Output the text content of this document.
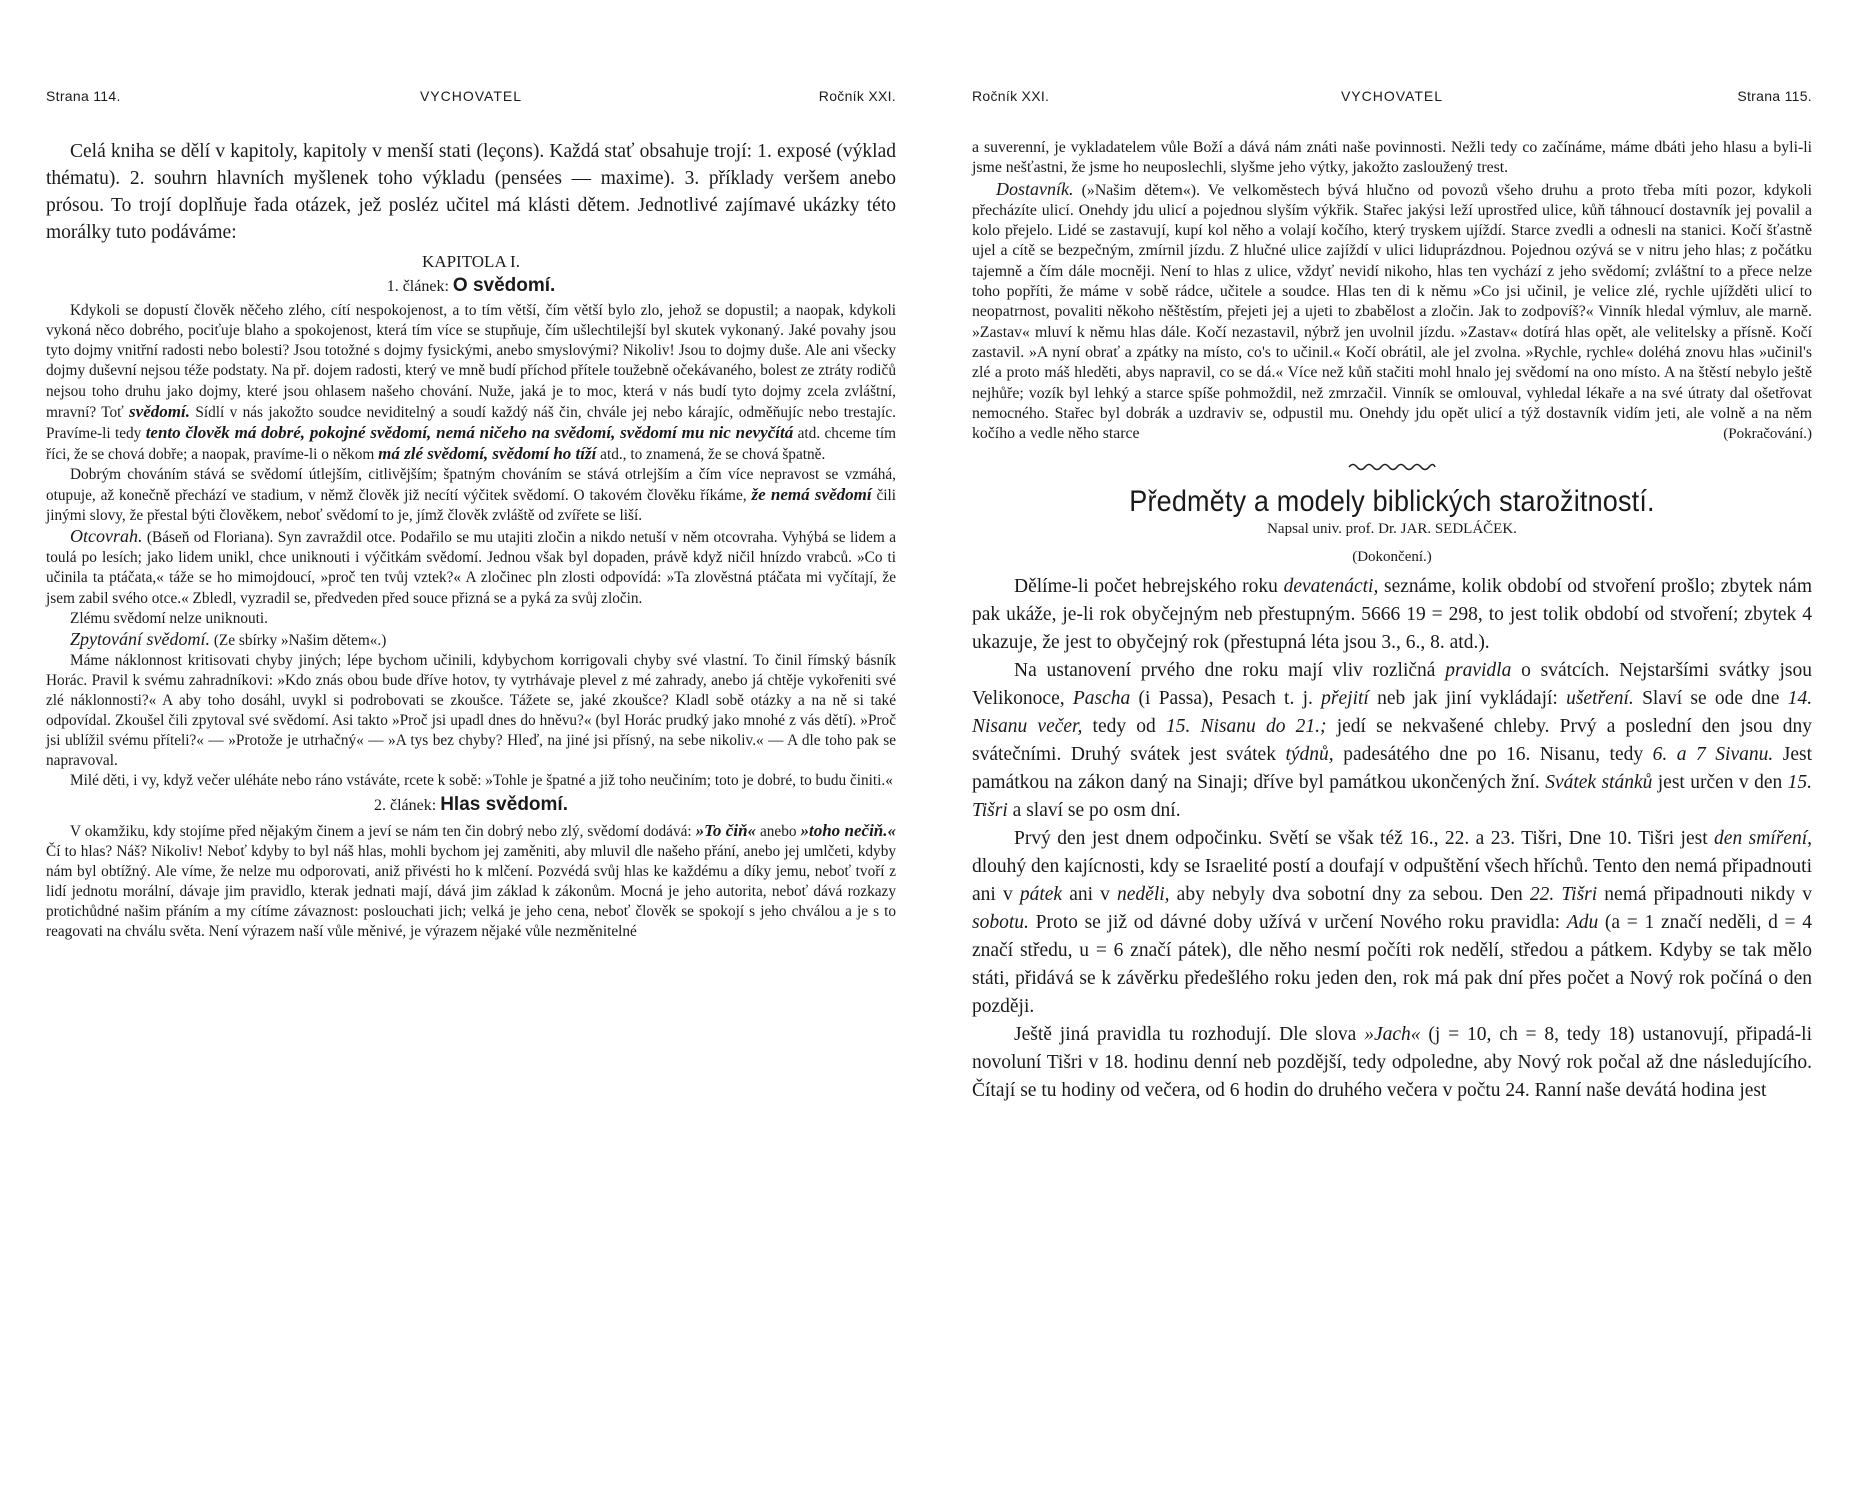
Strana 114.	VYCHOVATEL	Ročník XXI.

Celá kniha se dělí v kapitoly, kapitoly v menší stati (leçons). Každá stať obsahuje trojí: 1. exposé (výklad thématu). 2. souhrn hlavních myšlenek toho výkladu (pensées — maxime). 3. příklady veršem anebo prósou. To trojí doplňuje řada otázek, jež posléz učitel má klásti dětem. Jednotlivé zajímavé ukázky této morálky tuto podáváme:

KAPITOLA I.

1. článek: O svědomí.

Kdykoli se dopustí člověk něčeho zlého, cítí nespokojenost, a to tím větší, čím větší bylo zlo, jehož se dopustil; a naopak, kdykoli vykoná něco dobrého, pociťuje blaho a spokojenost, která tím více se stupňuje, čím ušlechtilejší byl skutek vykonaný. Jaké povahy jsou tyto dojmy vnitřní radosti nebo bolesti? Jsou totožné s dojmy fysickými, anebo smyslovými? Nikoliv! Jsou to dojmy duše. Ale ani všecky dojmy duševní nejsou téže podstaty. Na př. dojem radosti, který ve mně budí příchod přítele toužebně očekávaného, bolest ze ztráty rodičů nejsou toho druhu jako dojmy, které jsou ohlasem našeho chování. Nuže, jaká je to moc, která v nás budí tyto dojmy zcela zvláštní, mravní? Toť svědomí. Sídlí v nás jakožto soudce neviditelný a soudí každý náš čin, chvále jej nebo kárajíc, odměňujíc nebo trestajíc. Pravíme-li tedy tento člověk má dobré, pokojné svědomí, nemá ničeho na svědomí, svědomí mu nic nevyčítá atd. chceme tím říci, že se chová dobře; a naopak, pravíme-li o někom má zlé svědomí, svědomí ho tíží atd., to znamená, že se chová špatně.

Dobrým chováním stává se svědomí útlejším, citlivějším; špatným chováním se stává otrlejším a čím více nepravost se vzmáhá, otupuje, až konečně přechází ve stadium, v němž člověk již necítí výčitek svědomí. O takovém člověku říkáme, že nemá svědomí čili jinými slovy, že přestal býti člověkem, neboť svědomí to je, jímž člověk zvláště od zvířete se liší.

Otcovrah. (Báseň od Floriana). Syn zavraždil otce. Podařilo se mu utajiti zločin a nikdo netuší v něm otcovraha. Vyhýbá se lidem a toulá po lesích; jako lidem unikl, chce uniknouti i výčitkám svědomí. Jednou však byl dopaden, právě když ničil hnízdo vrabců. »Co ti učinila ta ptáčata,« táže se ho mimojdoucí, »proč ten tvůj vztek?« A zločinec pln zlosti odpovídá: »Ta zlověstná ptáčata mi vyčítají, že jsem zabil svého otce.« Zbledl, vyzradil se, předveden před souce přizná se a pyká za svůj zločin.

Zlému svědomí nelze uniknouti.

Zpytování svědomí. (Ze sbírky »Našim dětem«.)

Máme náklonnost kritisovati chyby jiných; lépe bychom učinili, kdybychom korrigovali chyby své vlastní. To činil římský básník Horác. Pravil k svému zahradníkovi: »Kdo znás obou bude dříve hotov, ty vytrhávaje plevel z mé zahrady, anebo já chtěje vykořeniti své zlé náklonnosti?« A aby toho dosáhl, uvykl si podrobovati se zkoušce. Tážete se, jaké zkoušce? Kladl sobě otázky a na ně si také odpovídal. Zkoušel čili zpytoval své svědomí. Asi takto »Proč jsi upadl dnes do hněvu?« (byl Horác prudký jako mnohé z vás dětí). »Proč jsi ublížil svému příteli?« — »Protože je utrhačný« — »A tys bez chyby? Hleď, na jiné jsi přísný, na sebe nikoliv.« — A dle toho pak se napravoval.

Milé děti, i vy, když večer uléháte nebo ráno vstáváte, rcete k sobě: »Tohle je špatné a již toho neučiním; toto je dobré, to budu činiti.«

2. článek: Hlas svědomí.

V okamžiku, kdy stojíme před nějakým činem a jeví se nám ten čin dobrý nebo zlý, svědomí dodává: »To čiň« anebo »toho nečiň.« Čí to hlas? Náš? Nikoliv! Neboť kdyby to byl náš hlas, mohli bychom jej zaměniti, aby mluvil dle našeho přání, anebo jej umlčeti, kdyby nám byl obtížný. Ale víme, že nelze mu odporovati, aniž přivésti ho k mlčení. Pozvédá svůj hlas ke každému a díky jemu, neboť tvoří z lidí jednotu morální, dávaje jim pravidlo, kterak jednati mají, dává jim základ k zákonům. Mocná je jeho autorita, neboť dává rozkazy protichůdné našim přáním a my cítíme závaznost: poslouchati jich; velká je jeho cena, neboť člověk se spokojí s jeho chválou a je s to reagovati na chválu světa. Není výrazem naší vůle měnivé, je výrazem nějaké vůle nezměnitelné

Ročník XXI.	VYCHOVATEL	Strana 115.

a suverenní, je vykladatelem vůle Boží a dává nám znáti naše povinnosti. Nežli tedy co začínáme, máme dbáti jeho hlasu a byli-li jsme nešťastni, že jsme ho neuposlechli, slyšme jeho výtky, jakožto zasloužený trest.

Dostavník. (»Našim dětem«). Ve velkoměstech bývá hlučno od povozů všeho druhu a proto třeba míti pozor, kdykoli přecházíte ulicí. Onehdy jdu ulicí a pojednou slyším výkřik. Stařec jakýsi leží uprostřed ulice, kůň táhnoucí dostavník jej povalil a kolo přejelo. Lidé se zastavují, kupí kol něho a volají kočího, který tryskem ujíždí. Starce zvedli a odnesli na stanici. Kočí šťastně ujel a cítě se bezpečným, zmírnil jízdu. Z hlučné ulice zajíždí v ulici liduprázdnou. Pojednou ozývá se v nitru jeho hlas; z počátku tajemně a čím dále mocněji. Není to hlas z ulice, vždyť nevidí nikoho, hlas ten vychází z jeho svědomí; zvláštní to a přece nelze toho popříti, že máme v sobě rádce, učitele a soudce. Hlas ten di k němu »Co jsi učinil, je velice zlé, rychle ujížděti ulicí to neopatrnost, povaliti někoho něštěstím, přejeti jej a ujeti to zbabělost a zločin. Jak to zodpovíš?« Vinník hledal výmluv, ale marně. »Zastav« mluví k němu hlas dále. Kočí nezastavil, nýbrž jen uvolnil jízdu. »Zastav« dotírá hlas opět, ale velitelsky a přísně. Kočí zastavil. »A nyní obrať a zpátky na místo, co's to učinil.« Kočí obrátil, ale jel zvolna. »Rychle, rychle« doléhá znovu hlas »učinil's zlé a proto máš hleděti, abys napravil, co se dá.« Více než kůň stačiti mohl hnalo jej svědomí na ono místo. A na štěstí nebylo ještě nejhůře; vozík byl lehký a starce spíše pohmoždil, než zmrzačil. Vinník se omlouval, vyhledal lékaře a na své útraty dal ošetřovat nemocného. Stařec byl dobrák a uzdraviv se, odpustil mu. Onehdy jdu opět ulicí a týž dostavník vidím jeti, ale volně a na něm kočího a vedle něho starce	(Pokračování.)

Předměty a modely biblických starožitností.

Napsal univ. prof. Dr. JAR. SEDLÁČEK.

(Dokončení.)

Dělíme-li počet hebrejského roku devatenácti, seznáme, kolik období od stvoření prošlo; zbytek nám pak ukáže, je-li rok obyčejným neb přestupným. 5666 19 = 298, to jest tolik období od stvoření; zbytek 4 ukazuje, že jest to obyčejný rok (přestupná léta jsou 3., 6., 8. atd.).

Na ustanovení prvého dne roku mají vliv rozličná pravidla o svátcích. Nejstaršími svátky jsou Velikonoce, Pascha (i Passa), Pesach t. j. přejití neb jak jiní vykládají: ušetření. Slaví se ode dne 14. Nisanu večer, tedy od 15. Nisanu do 21.; jedí se nekvašené chleby. Prvý a poslední den jsou dny svátečními. Druhý svátek jest svátek týdnů, padesátého dne po 16. Nisanu, tedy 6. a 7 Sivanu. Jest památkou na zákon daný na Sinaji; dříve byl památkou ukončených žní. Svátek stánků jest určen v den 15. Tišri a slaví se po osm dní.

Prvý den jest dnem odpočinku. Světí se však též 16., 22. a 23. Tišri, Dne 10. Tišri jest den smíření, dlouhý den kajícnosti, kdy se Israelité postí a doufají v odpuštění všech hříchů. Tento den nemá připadnouti ani v pátek ani v neděli, aby nebyly dva sobotní dny za sebou. Den 22. Tišri nemá připadnouti nikdy v sobotu. Proto se již od dávné doby užívá v určení Nového roku pravidla: Adu (a = 1 značí neděli, d = 4 značí středu, u = 6 značí pátek), dle něho nesmí počíti rok nedělí, středou a pátkem. Kdyby se tak mělo státi, přidává se k závěrku předešlého roku jeden den, rok má pak dní přes počet a Nový rok počíná o den později.

Ještě jiná pravidla tu rozhodují. Dle slova »Jach« (j = 10, ch = 8, tedy 18) ustanovují, připadá-li novoluní Tišri v 18. hodinu denní neb pozdější, tedy odpoledne, aby Nový rok počal až dne následujícího. Čítají se tu hodiny od večera, od 6 hodin do druhého večera v počtu 24. Ranní naše devátá hodina jest
